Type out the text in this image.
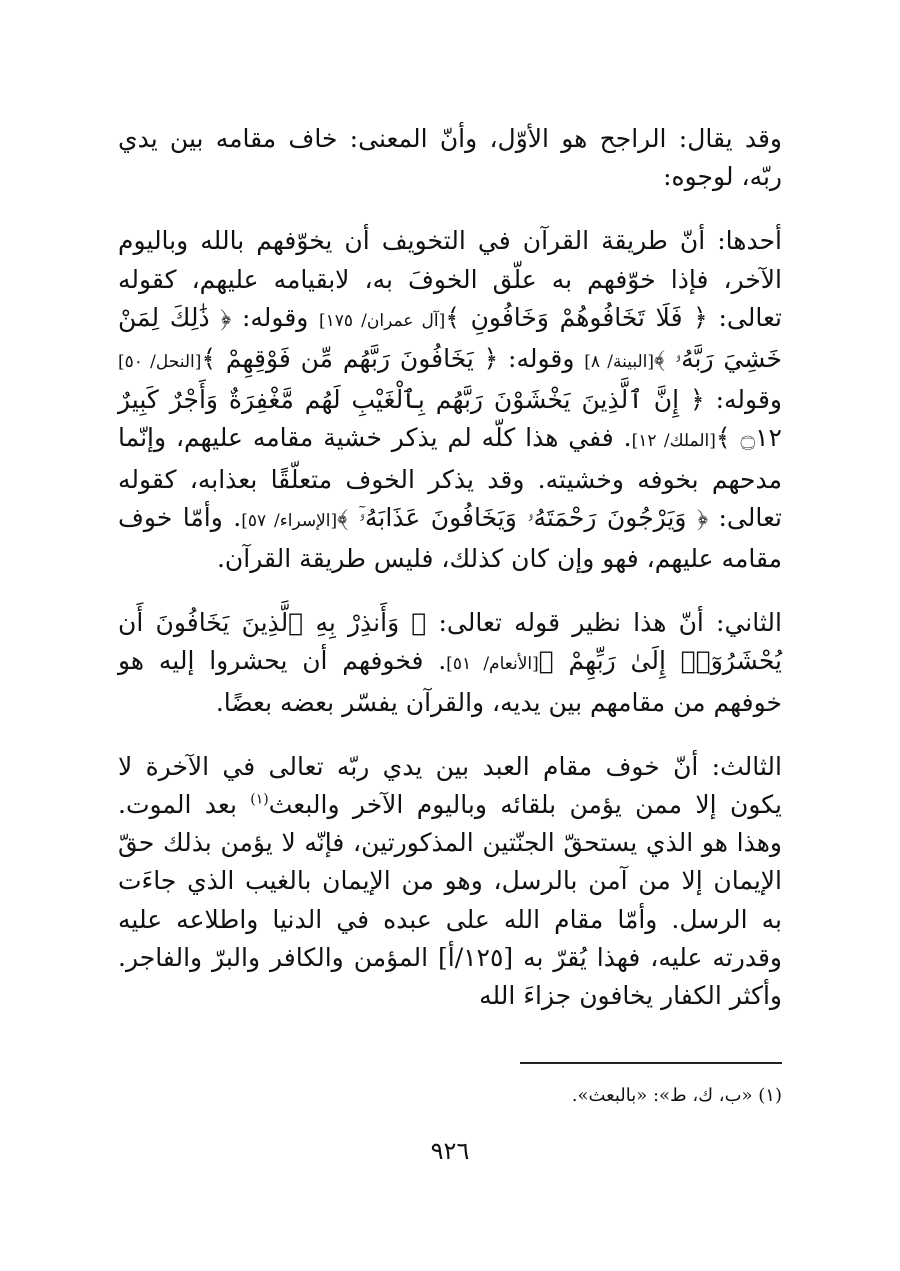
وقد يقال: الراجح هو الأوّل، وأنّ المعنى: خاف مقامه بين يدي ربّه، لوجوه:

أحدها: أنّ طريقة القرآن في التخويف أن يخوّفهم بالله وباليوم الآخر، فإذا خوّفهم به علّق الخوفَ به، لابقيامه عليهم، كقوله تعالى: ﴿ فَلَا تَخَافُوهُمْ وَخَافُونِ ﴾[آل عمران/ ١٧٥] وقوله: ﴿ ذَٰلِكَ لِمَنْ خَشِيَ رَبَّهُۥ ﴾[البينة/ ٨] وقوله: ﴿ يَخَافُونَ رَبَّهُم مِّن فَوْقِهِمْ ﴾[النحل/ ٥٠] وقوله: ﴿ إِنَّ ٱلَّذِينَ يَخْشَوْنَ رَبَّهُم بِٱلْغَيْبِ لَهُم مَّغْفِرَةٌ وَأَجْرٌ كَبِيرٌ ۝١٢ ﴾[الملك/ ١٢]. ففي هذا كلّه لم يذكر خشية مقامه عليهم، وإنّما مدحهم بخوفه وخشيته. وقد يذكر الخوف متعلّقًا بعذابه، كقوله تعالى: ﴿ وَيَرْجُونَ رَحْمَتَهُۥ وَيَخَافُونَ عَذَابَهُۥٓ ﴾[الإسراء/ ٥٧]. وأمّا خوف مقامه عليهم، فهو وإن كان كذلك، فليس طريقة القرآن.

الثاني: أنّ هذا نظير قوله تعالى: ﴿ وَأَنذِرْ بِهِ ٱلَّذِينَ يَخَافُونَ أَن يُحْشَرُوٓا۟ إِلَىٰ رَبِّهِمْ ﴾[الأنعام/ ٥١]. فخوفهم أن يحشروا إليه هو خوفهم من مقامهم بين يديه، والقرآن يفسّر بعضه بعضًا.

الثالث: أنّ خوف مقام العبد بين يدي ربّه تعالى في الآخرة لا يكون إلا ممن يؤمن بلقائه وباليوم الآخر والبعث$^{(١)}$ بعد الموت. وهذا هو الذي يستحقّ الجنّتين المذكورتين، فإنّه لا يؤمن بذلك حقّ الإيمان إلا من آمن بالرسل، وهو من الإيمان بالغيب الذي جاءَت به الرسل. وأمّا مقام الله على عبده في الدنيا واطلاعه عليه وقدرته عليه، فهذا يُقرّ به [١٢٥/أ] المؤمن والكافر والبرّ والفاجر. وأكثر الكفار يخافون جزاءَ الله

(١) «ب، ك، ط»: «بالبعث».
٩٢٦
